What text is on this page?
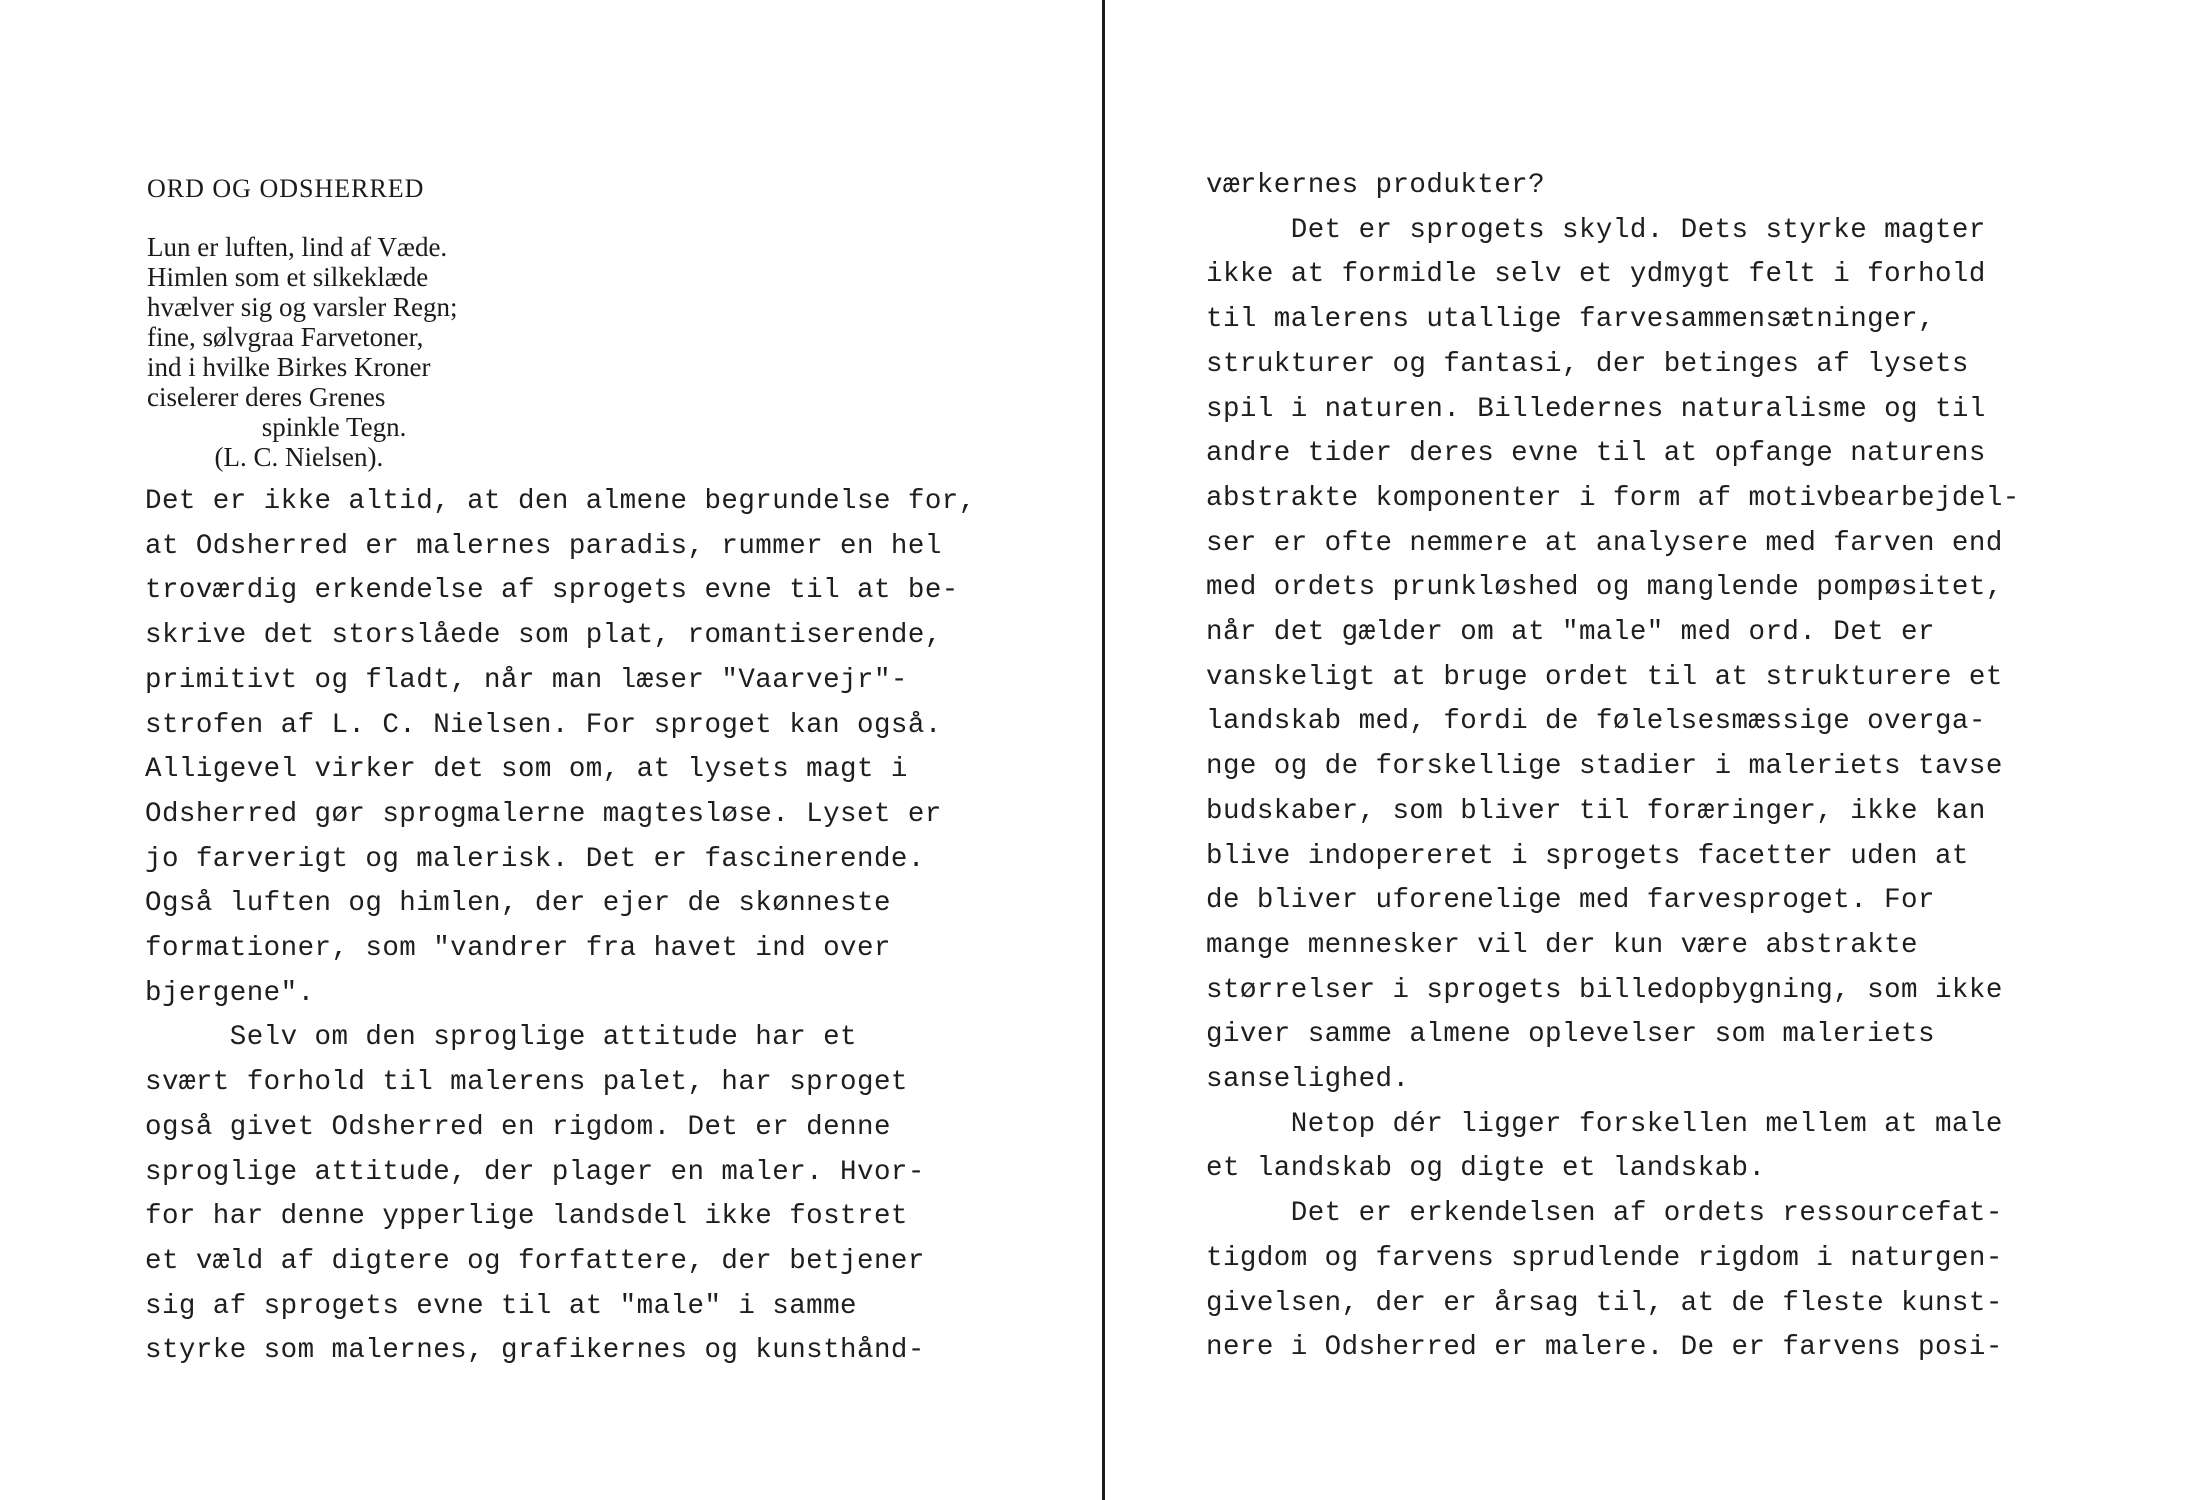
ORD OG ODSHERRED
Lun er luften, lind af Væde.
Himlen som et silkeklæde
hvælver sig og varsler Regn;
fine, sølvgraa Farvetoner,
ind i hvilke Birkes Kroner
ciselerer deres Grenes
spinkle Tegn.
(L. C. Nielsen).
Det er ikke altid, at den almene begrundelse for,
at Odsherred er malernes paradis, rummer en hel
troværdig erkendelse af sprogets evne til at be-
skrive det storslåede som plat, romantiserende,
primitivt og fladt, når man læser "Vaarvejr"-
strofen af L. C. Nielsen. For sproget kan også.
Alligevel virker det som om, at lysets magt i
Odsherred gør sprogmalerne magtesløse. Lyset er
jo farverigt og malerisk. Det er fascinerende.
Også luften og himlen, der ejer de skønneste
formationer, som "vandrer fra havet ind over
bjergene".
Selv om den sproglige attitude har et
svært forhold til malerens palet, har sproget
også givet Odsherred en rigdom. Det er denne
sproglige attitude, der plager en maler. Hvor-
for har denne ypperlige landsdel ikke fostret
et væld af digtere og forfattere, der betjener
sig af sprogets evne til at "male" i samme
styrke som malernes, grafikernes og kunsthånd-
værkernes produkter?
Det er sprogets skyld. Dets styrke magter
ikke at formidle selv et ydmygt felt i forhold
til malerens utallige farvesammensætninger,
strukturer og fantasi, der betinges af lysets
spil i naturen. Billedernes naturalisme og til
andre tider deres evne til at opfange naturens
abstrakte komponenter i form af motivbearbejdel-
ser er ofte nemmere at analysere med farven end
med ordets prunkløshed og manglende pompøsitet,
når det gælder om at "male" med ord. Det er
vanskeligt at bruge ordet til at strukturere et
landskab med, fordi de følelsesmæssige overga-
nge og de forskellige stadier i maleriets tavse
budskaber, som bliver til foræringer, ikke kan
blive indopereret i sprogets facetter uden at
de bliver uforenelige med farvesproget. For
mange mennesker vil der kun være abstrakte
størrelser i sprogets billedopbygning, som ikke
giver samme almene oplevelser som maleriets
sanselighed.
Netop dér ligger forskellen mellem at male
et landskab og digte et landskab.
Det er erkendelsen af ordets ressourcefat-
tigdom og farvens sprudlende rigdom i naturgen-
givelsen, der er årsag til, at de fleste kunst-
nere i Odsherred er malere. De er farvens posi-
